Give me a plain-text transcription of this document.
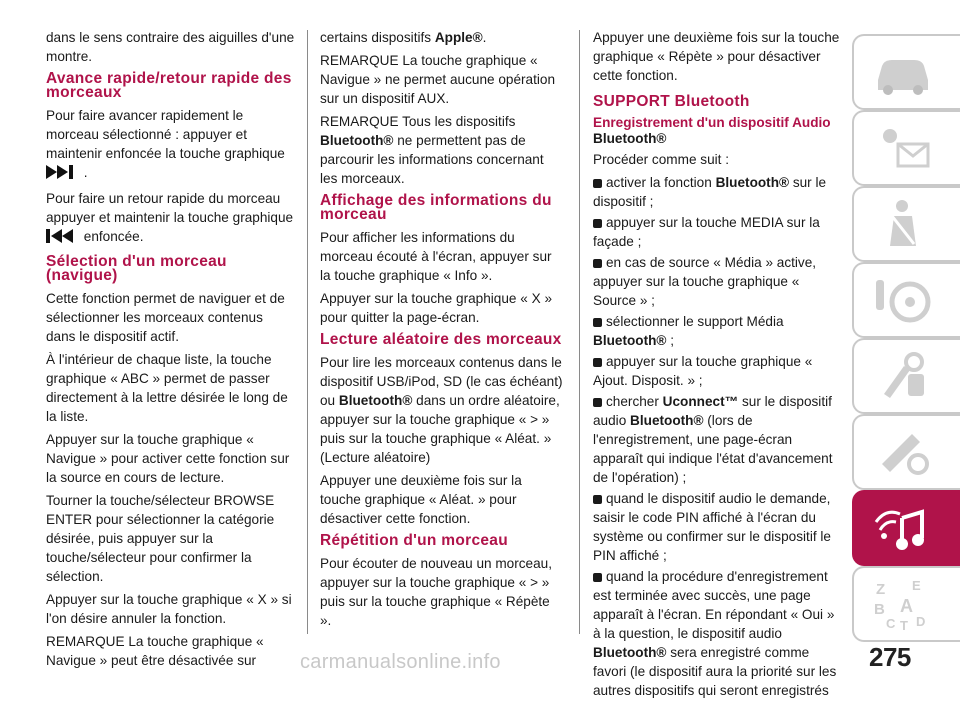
dans le sens contraire des aiguilles d'une montre.

Avance rapide/retour rapide des morceaux

Pour faire avancer rapidement le morceau sélectionné : appuyer et maintenir enfoncée la touche graphique
.

Pour faire un retour rapide du morceau appuyer et maintenir la touche graphique  enfoncée.

Sélection d'un morceau (navigue)

Cette fonction permet de naviguer et de sélectionner les morceaux contenus dans le dispositif actif.

À l'intérieur de chaque liste, la touche graphique « ABC » permet de passer directement à la lettre désirée le long de la liste.

Appuyer sur la touche graphique « Navigue » pour activer cette fonction sur la source en cours de lecture.

Tourner la touche/sélecteur BROWSE ENTER pour sélectionner la catégorie désirée, puis appuyer sur la touche/sélecteur pour confirmer la sélection.

Appuyer sur la touche graphique « X » si l'on désire annuler la fonction.

REMARQUE La touche graphique « Navigue » peut être désactivée sur

certains dispositifs Apple®.

REMARQUE La touche graphique « Navigue » ne permet aucune opération sur un dispositif AUX.

REMARQUE Tous les dispositifs Bluetooth® ne permettent pas de parcourir les informations concernant les morceaux.

Affichage des informations du morceau

Pour afficher les informations du morceau écouté à l'écran, appuyer sur la touche graphique « Info ».

Appuyer sur la touche graphique « X » pour quitter la page-écran.

Lecture aléatoire des morceaux

Pour lire les morceaux contenus dans le dispositif USB/iPod, SD (le cas échéant) ou Bluetooth® dans un ordre aléatoire, appuyer sur la touche graphique « > » puis sur la touche graphique « Aléat. » (Lecture aléatoire)

Appuyer une deuxième fois sur la touche graphique « Aléat. » pour désactiver cette fonction.

Répétition d'un morceau

Pour écouter de nouveau un morceau, appuyer sur la touche graphique « > » puis sur la touche graphique « Répète ».

Appuyer une deuxième fois sur la touche graphique « Répète » pour désactiver cette fonction.

SUPPORT Bluetooth
Enregistrement d'un dispositif Audio Bluetooth®

Procéder comme suit :

activer la fonction Bluetooth® sur le dispositif ;
appuyer sur la touche MEDIA sur la façade ;
en cas de source « Média » active, appuyer sur la touche graphique « Source » ;
sélectionner le support Média Bluetooth® ;
appuyer sur la touche graphique « Ajout. Disposit. » ;
chercher Uconnect™ sur le dispositif audio Bluetooth® (lors de l'enregistrement, une page-écran apparaît qui indique l'état d'avancement de l'opération) ;
quand le dispositif audio le demande, saisir le code PIN affiché à l'écran du système ou confirmer sur le dispositif le PIN affiché ;
quand la procédure d'enregistrement est terminée avec succès, une page apparaît à l'écran. En répondant « Oui » à la question, le dispositif audio Bluetooth® sera enregistré comme favori (le dispositif aura la priorité sur les autres dispositifs qui seront enregistrés
Z E
B A
C T D
275
carmanualsonline.info
